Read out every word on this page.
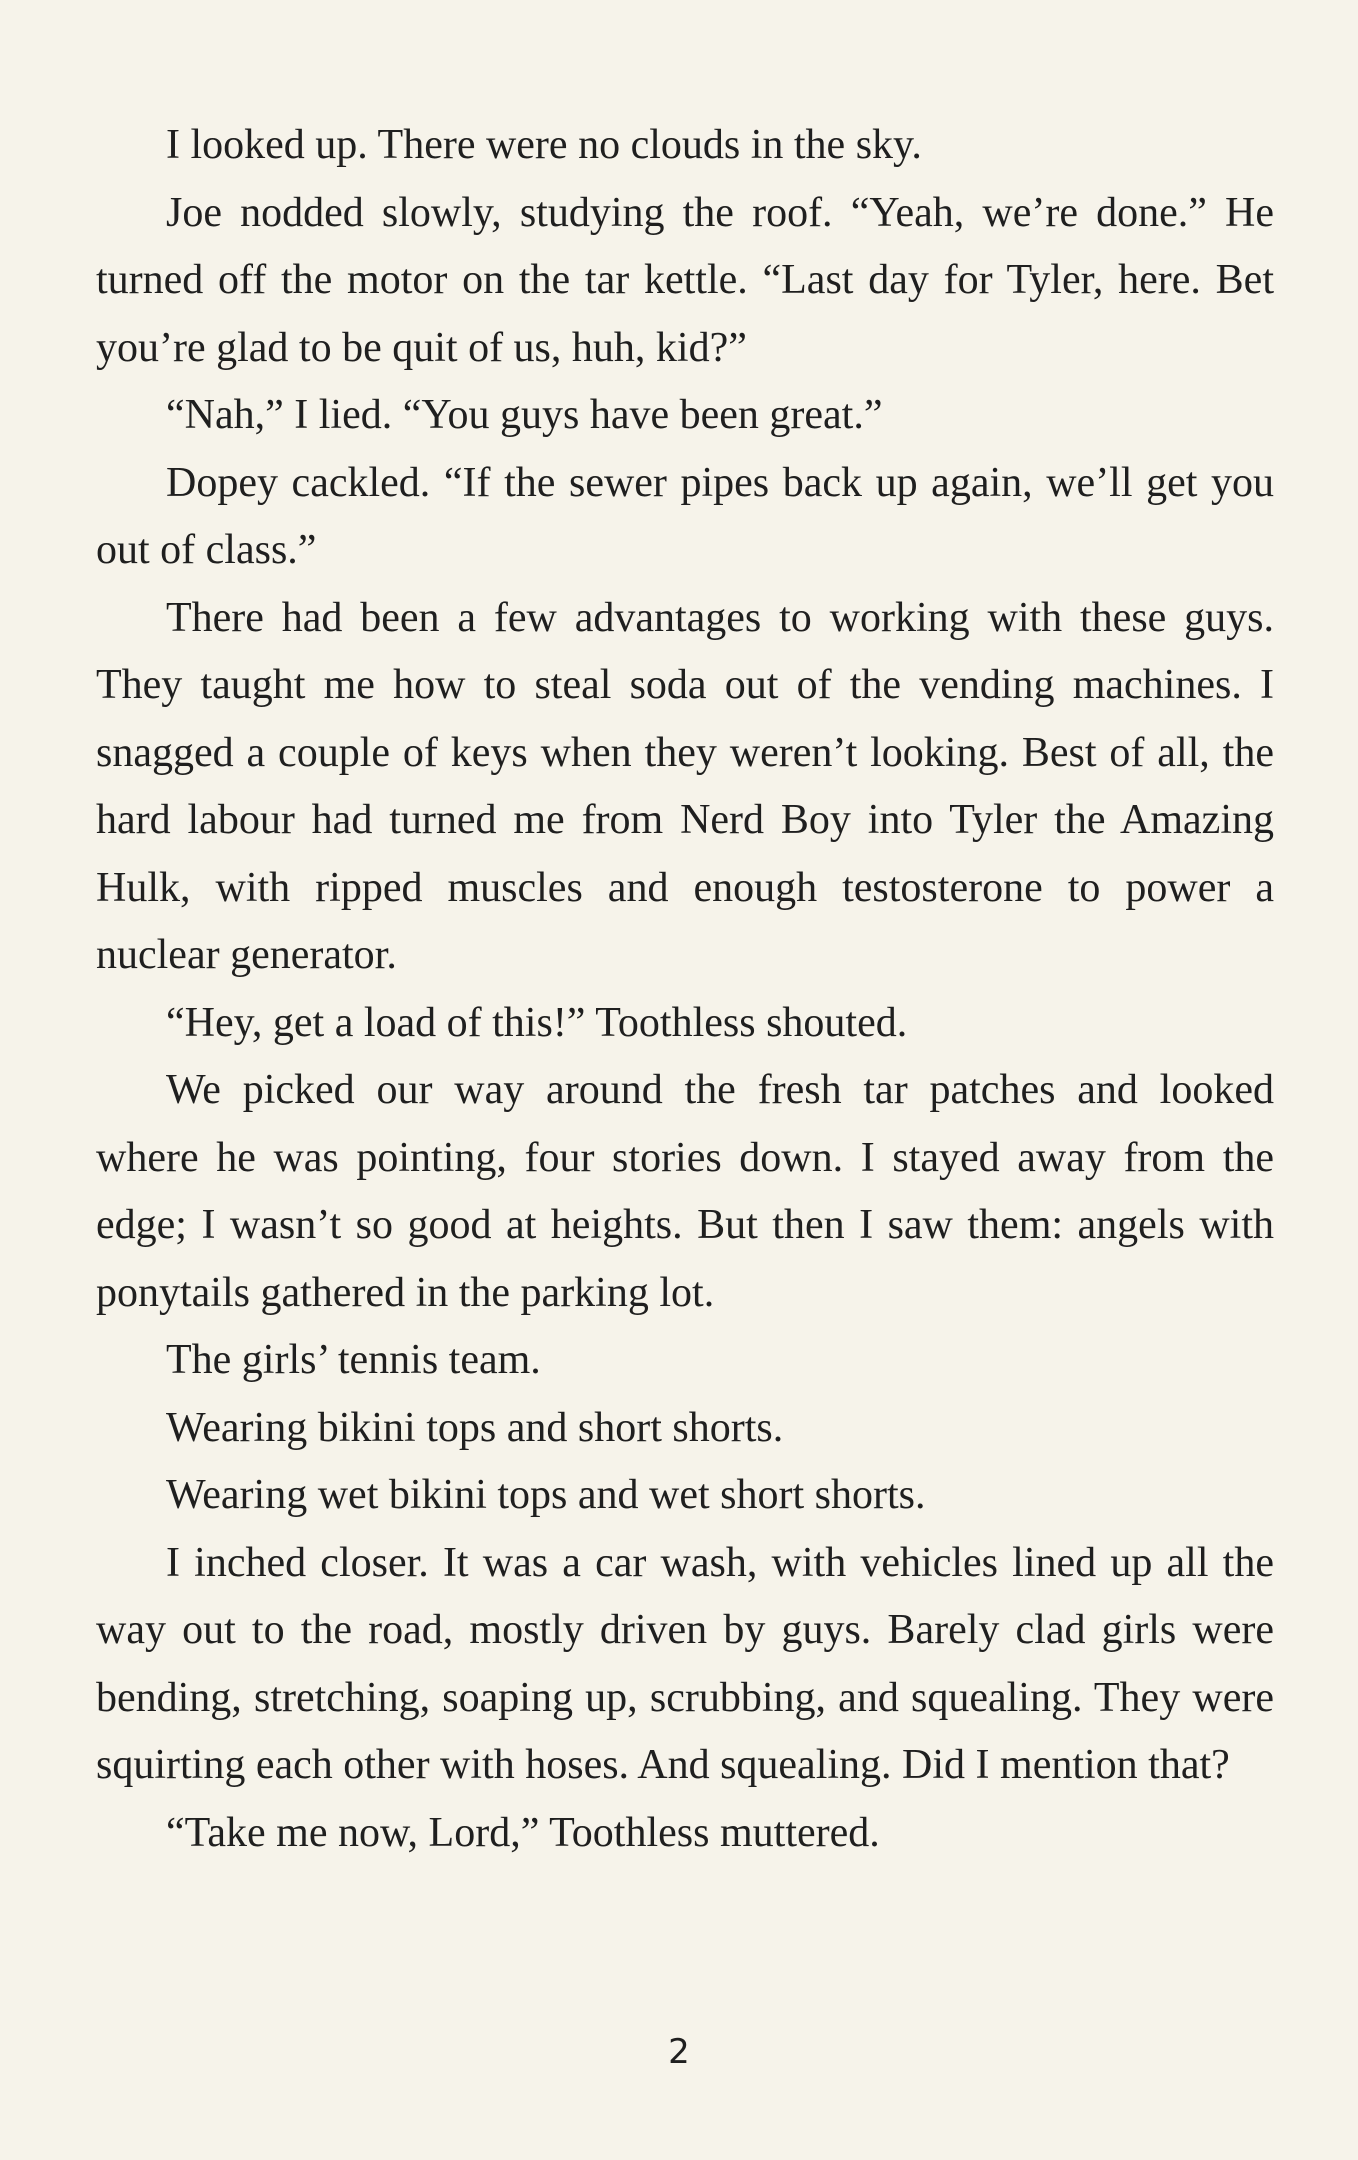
I looked up. There were no clouds in the sky.

Joe nodded slowly, studying the roof. “Yeah, we’re done.” He turned off the motor on the tar kettle. “Last day for Tyler, here. Bet you’re glad to be quit of us, huh, kid?”

“Nah,” I lied. “You guys have been great.”

Dopey cackled. “If the sewer pipes back up again, we’ll get you out of class.”

There had been a few advantages to working with these guys. They taught me how to steal soda out of the vending machines. I snagged a couple of keys when they weren’t looking. Best of all, the hard labour had turned me from Nerd Boy into Tyler the Amazing Hulk, with ripped muscles and enough testosterone to power a nuclear generator.

“Hey, get a load of this!” Toothless shouted.

We picked our way around the fresh tar patches and looked where he was pointing, four stories down. I stayed away from the edge; I wasn’t so good at heights. But then I saw them: angels with ponytails gathered in the parking lot.

The girls’ tennis team.

Wearing bikini tops and short shorts.

Wearing wet bikini tops and wet short shorts.

I inched closer. It was a car wash, with vehicles lined up all the way out to the road, mostly driven by guys. Barely clad girls were bending, stretching, soaping up, scrubbing, and squealing. They were squirting each other with hoses. And squealing. Did I mention that?

“Take me now, Lord,” Toothless muttered.

2
